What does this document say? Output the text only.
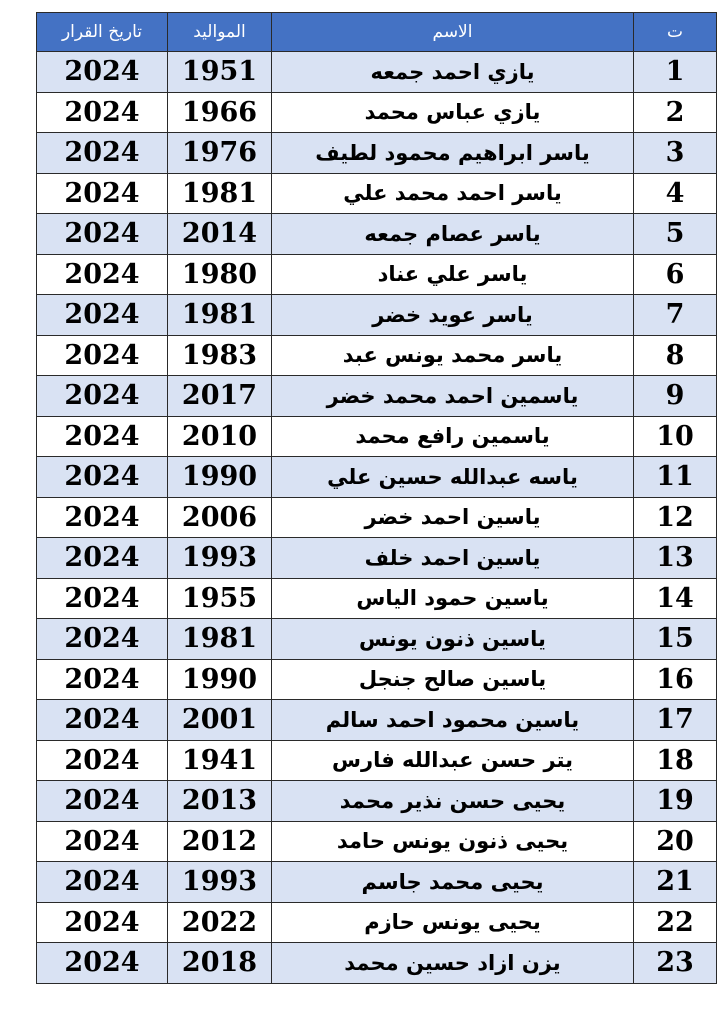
تاريخ القرار	المواليد	الاسم	ت
2024	1951	يازي احمد جمعه	1
2024	1966	يازي عباس محمد	2
2024	1976	ياسر ابراهيم محمود لطيف	3
2024	1981	ياسر احمد محمد علي	4
2024	2014	ياسر عصام جمعه	5
2024	1980	ياسر علي عناد	6
2024	1981	ياسر عويد خضر	7
2024	1983	ياسر محمد يونس عبد	8
2024	2017	ياسمين احمد محمد خضر	9
2024	2010	ياسمين رافع محمد	10
2024	1990	ياسه عبدالله حسين علي	11
2024	2006	ياسين احمد خضر	12
2024	1993	ياسين احمد خلف	13
2024	1955	ياسين حمود الياس	14
2024	1981	ياسين ذنون يونس	15
2024	1990	ياسين صالح جنجل	16
2024	2001	ياسين محمود احمد سالم	17
2024	1941	يتر حسن عبدالله فارس	18
2024	2013	يحيى حسن نذير محمد	19
2024	2012	يحيى ذنون يونس حامد	20
2024	1993	يحيى محمد جاسم	21
2024	2022	يحيى يونس حازم	22
2024	2018	يزن ازاد حسين محمد	23
